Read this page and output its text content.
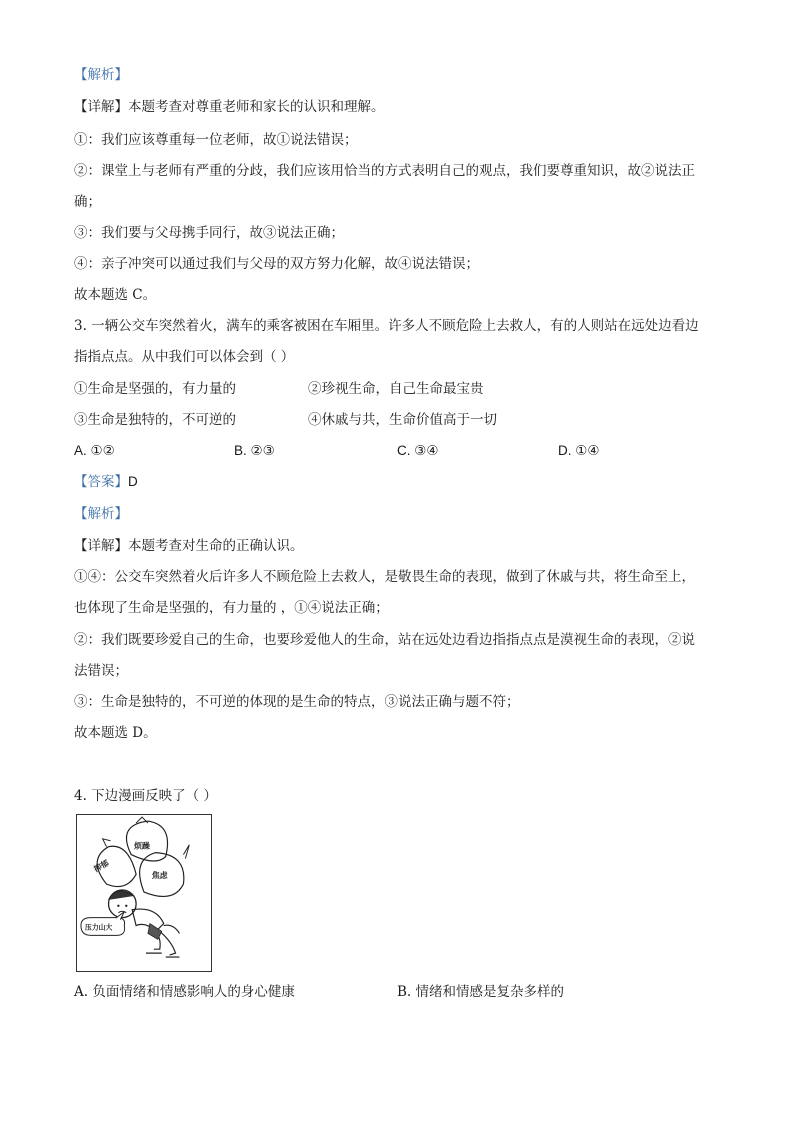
【解析】
【详解】本题考查对尊重老师和家长的认识和理解。
①：我们应该尊重每一位老师，故①说法错误；
②：课堂上与老师有严重的分歧，我们应该用恰当的方式表明自己的观点，我们要尊重知识，故②说法正
确；
③：我们要与父母携手同行，故③说法正确；
④：亲子冲突可以通过我们与父母的双方努力化解，故④说法错误；
故本题选 C。
3. 一辆公交车突然着火，满车的乘客被困在车厢里。许多人不顾危险上去救人，有的人则站在远处边看边
指指点点。从中我们可以体会到（ ）
①生命是坚强的，有力量的	②珍视生命，自己生命最宝贵
③生命是独特的，不可逆的	④休戚与共，生命价值高于一切
A. ①②	B. ②③	C. ③④	D. ①④
【答案】D
【解析】
【详解】本题考查对生命的正确认识。
①④：公交车突然着火后许多人不顾危险上去救人，是敬畏生命的表现，做到了休戚与共，将生命至上，
也体现了生命是坚强的，有力量的 ，①④说法正确；
②：我们既要珍爱自己的生命，也要珍爱他人的生命，站在远处边看边指指点点是漠视生命的表现，②说
法错误；
③：生命是独特的，不可逆的体现的是生命的特点，③说法正确与题不符；
故本题选 D。
4. 下边漫画反映了（ ）
烦躁
抑郁
焦虑
压力山大
A. 负面情绪和情感影响人的身心健康	B. 情绪和情感是复杂多样的
